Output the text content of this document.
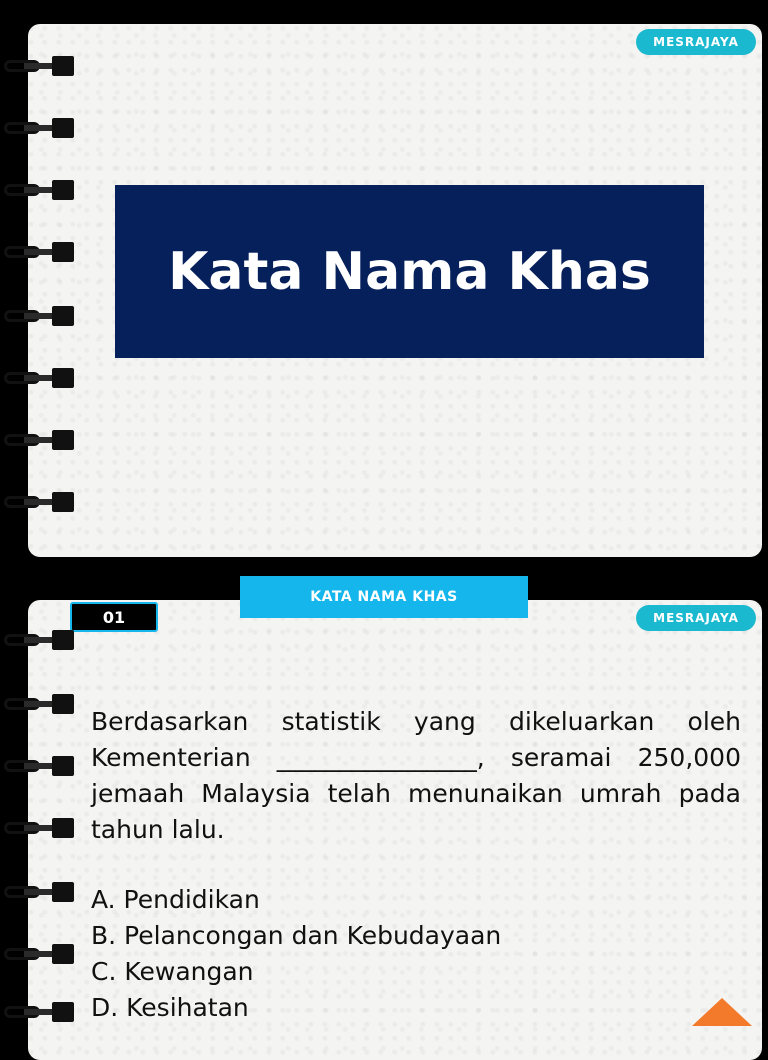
MESRAJAYA
Kata Nama Khas
KATA NAMA KHAS
01	MESRAJAYA
Berdasarkan statistik yang dikeluarkan oleh Kementerian ________________, seramai 250,000 jemaah Malaysia telah menunaikan umrah pada tahun lalu.
A. Pendidikan
B. Pelancongan dan Kebudayaan
C. Kewangan
D. Kesihatan
